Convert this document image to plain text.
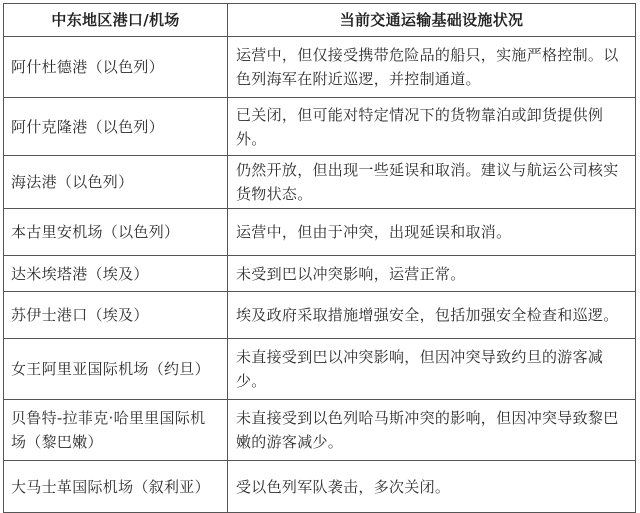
中东地区港口/机场	当前交通运输基础设施状况
阿什杜德港（以色列）	运营中，但仅接受携带危险品的船只，实施严格控制。以色列海军在附近巡逻，并控制通道。
阿什克隆港（以色列）	已关闭，但可能对特定情况下的货物靠泊或卸货提供例外。
海法港（以色列）	仍然开放，但出现一些延误和取消。建议与航运公司核实货物状态。
本古里安机场（以色列）	运营中，但由于冲突，出现延误和取消。
达米埃塔港（埃及）	未受到巴以冲突影响，运营正常。
苏伊士港口（埃及）	埃及政府采取措施增强安全，包括加强安全检查和巡逻。
女王阿里亚国际机场（约旦）	未直接受到巴以冲突影响，但因冲突导致约旦的游客减少。
贝鲁特-拉菲克·哈里里国际机场（黎巴嫩）	未直接受到以色列哈马斯冲突的影响，但因冲突导致黎巴嫩的游客减少。
大马士革国际机场（叙利亚）	受以色列军队袭击，多次关闭。
